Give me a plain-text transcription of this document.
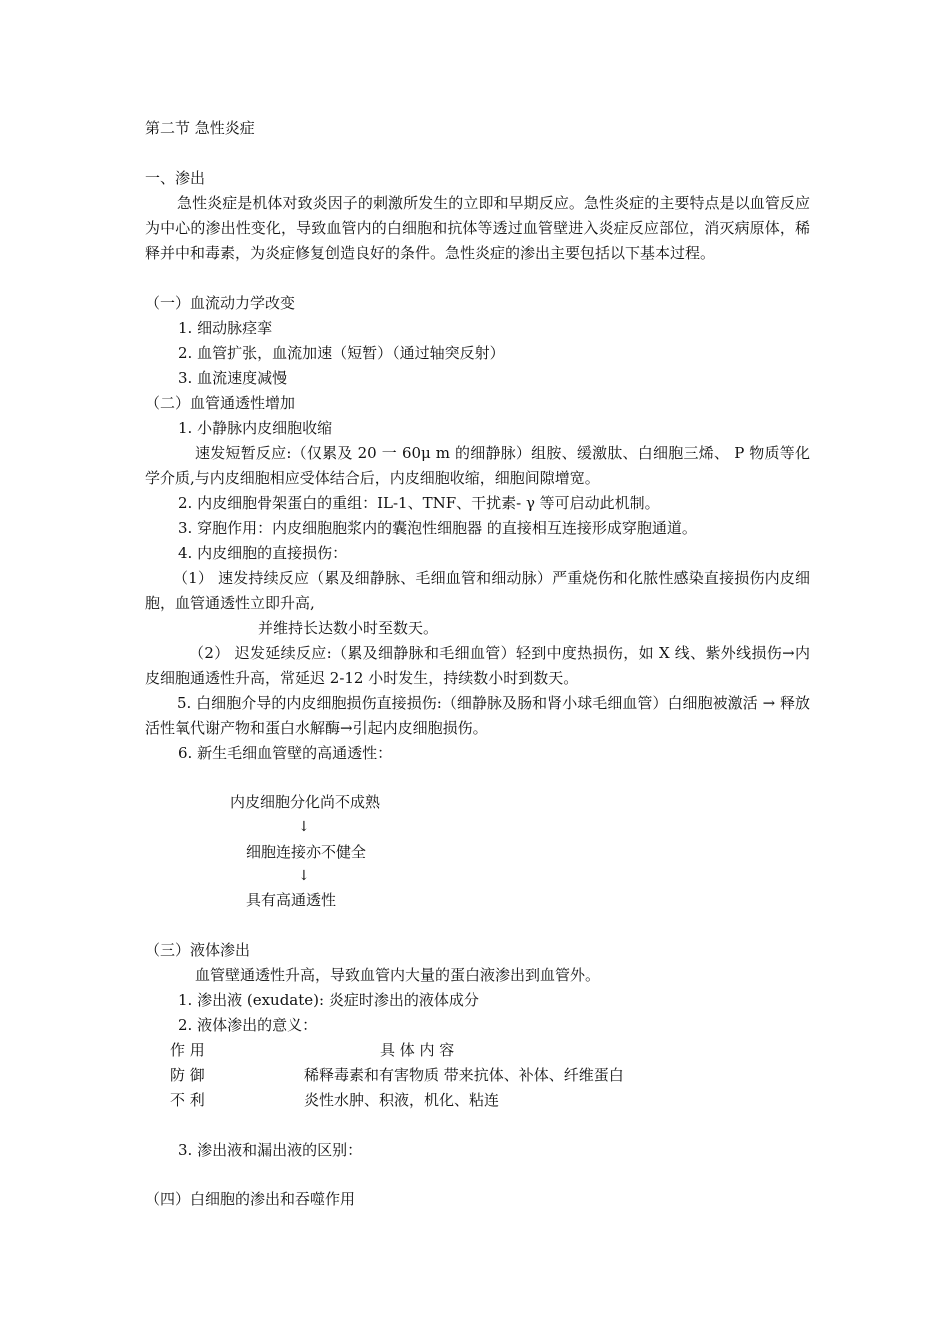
第二节 急性炎症
一、渗出
急性炎症是机体对致炎因子的刺激所发生的立即和早期反应。急性炎症的主要特点是以血管反应为中心的渗出性变化，导致血管内的白细胞和抗体等透过血管壁进入炎症反应部位，消灭病原体，稀释并中和毒素，为炎症修复创造良好的条件。急性炎症的渗出主要包括以下基本过程。
（一）血流动力学改变
1. 细动脉痉挛
2. 血管扩张，血流加速（短暂）（通过轴突反射）
3. 血流速度减慢
（二）血管通透性增加
1. 小静脉内皮细胞收缩
速发短暂反应:（仅累及 20 一 60μ m 的细静脉）组胺、缓激肽、白细胞三烯、 P 物质等化学介质,与内皮细胞相应受体结合后，内皮细胞收缩，细胞间隙增宽。
2. 内皮细胞骨架蛋白的重组：IL-1、TNF、干扰素- γ 等可启动此机制。
3. 穿胞作用：内皮细胞胞浆内的囊泡性细胞器 的直接相互连接形成穿胞通道。
4. 内皮细胞的直接损伤：
（1） 速发持续反应（累及细静脉、毛细血管和细动脉）严重烧伤和化脓性感染直接损伤内皮细胞，血管通透性立即升高,
并维持长达数小时至数天。
（2） 迟发延续反应:（累及细静脉和毛细血管）轻到中度热损伤，如 X 线、紫外线损伤→内皮细胞通透性升高，常延迟 2-12 小时发生，持续数小时到数天。
5. 白细胞介导的内皮细胞损伤直接损伤:（细静脉及肠和肾小球毛细血管）白细胞被激活 → 释放活性氧代谢产物和蛋白水解酶→引起内皮细胞损伤。
6. 新生毛细血管壁的高通透性：
内皮细胞分化尚不成熟
↓
细胞连接亦不健全
↓
具有高通透性
（三）液体渗出
血管壁通透性升高，导致血管内大量的蛋白液渗出到血管外。
1. 渗出液 (exudate): 炎症时渗出的液体成分
2. 液体渗出的意义：
作 用	具 体 内 容
防 御	稀释毒素和有害物质 带来抗体、补体、纤维蛋白
不 利	炎性水肿、积液，机化、粘连
3. 渗出液和漏出液的区别：
（四）白细胞的渗出和吞噬作用
